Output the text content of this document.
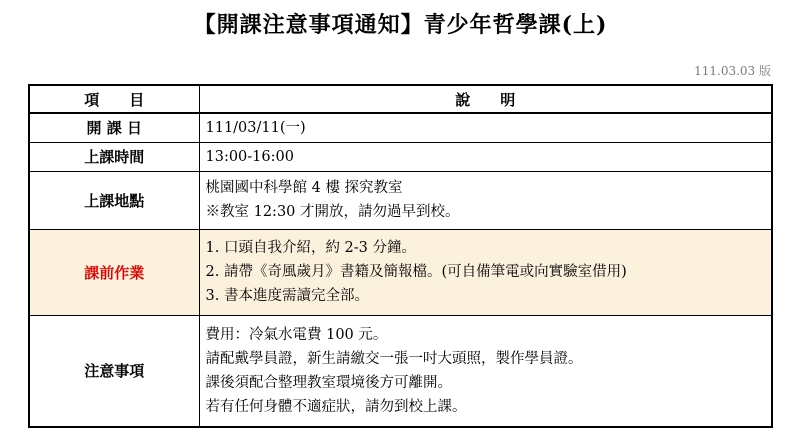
【開課注意事項通知】青少年哲學課(上)
111.03.03 版
項　　目	說　　明
開 課 日	111/03/11(一)

上課時間	13:00-16:00

上課地點	桃園國中科學館 4 樓 探究教室
※教室 12:30 才開放，請勿過早到校。

課前作業	1. 口頭自我介紹，約 2-3 分鐘。
2. 請帶《奇風歲月》書籍及簡報檔。(可自備筆電或向實驗室借用)
3. 書本進度需讀完全部。

注意事項	費用：冷氣水電費 100 元。
請配戴學員證，新生請繳交一張一吋大頭照，製作學員證。
課後須配合整理教室環境後方可離開。
若有任何身體不適症狀，請勿到校上課。
